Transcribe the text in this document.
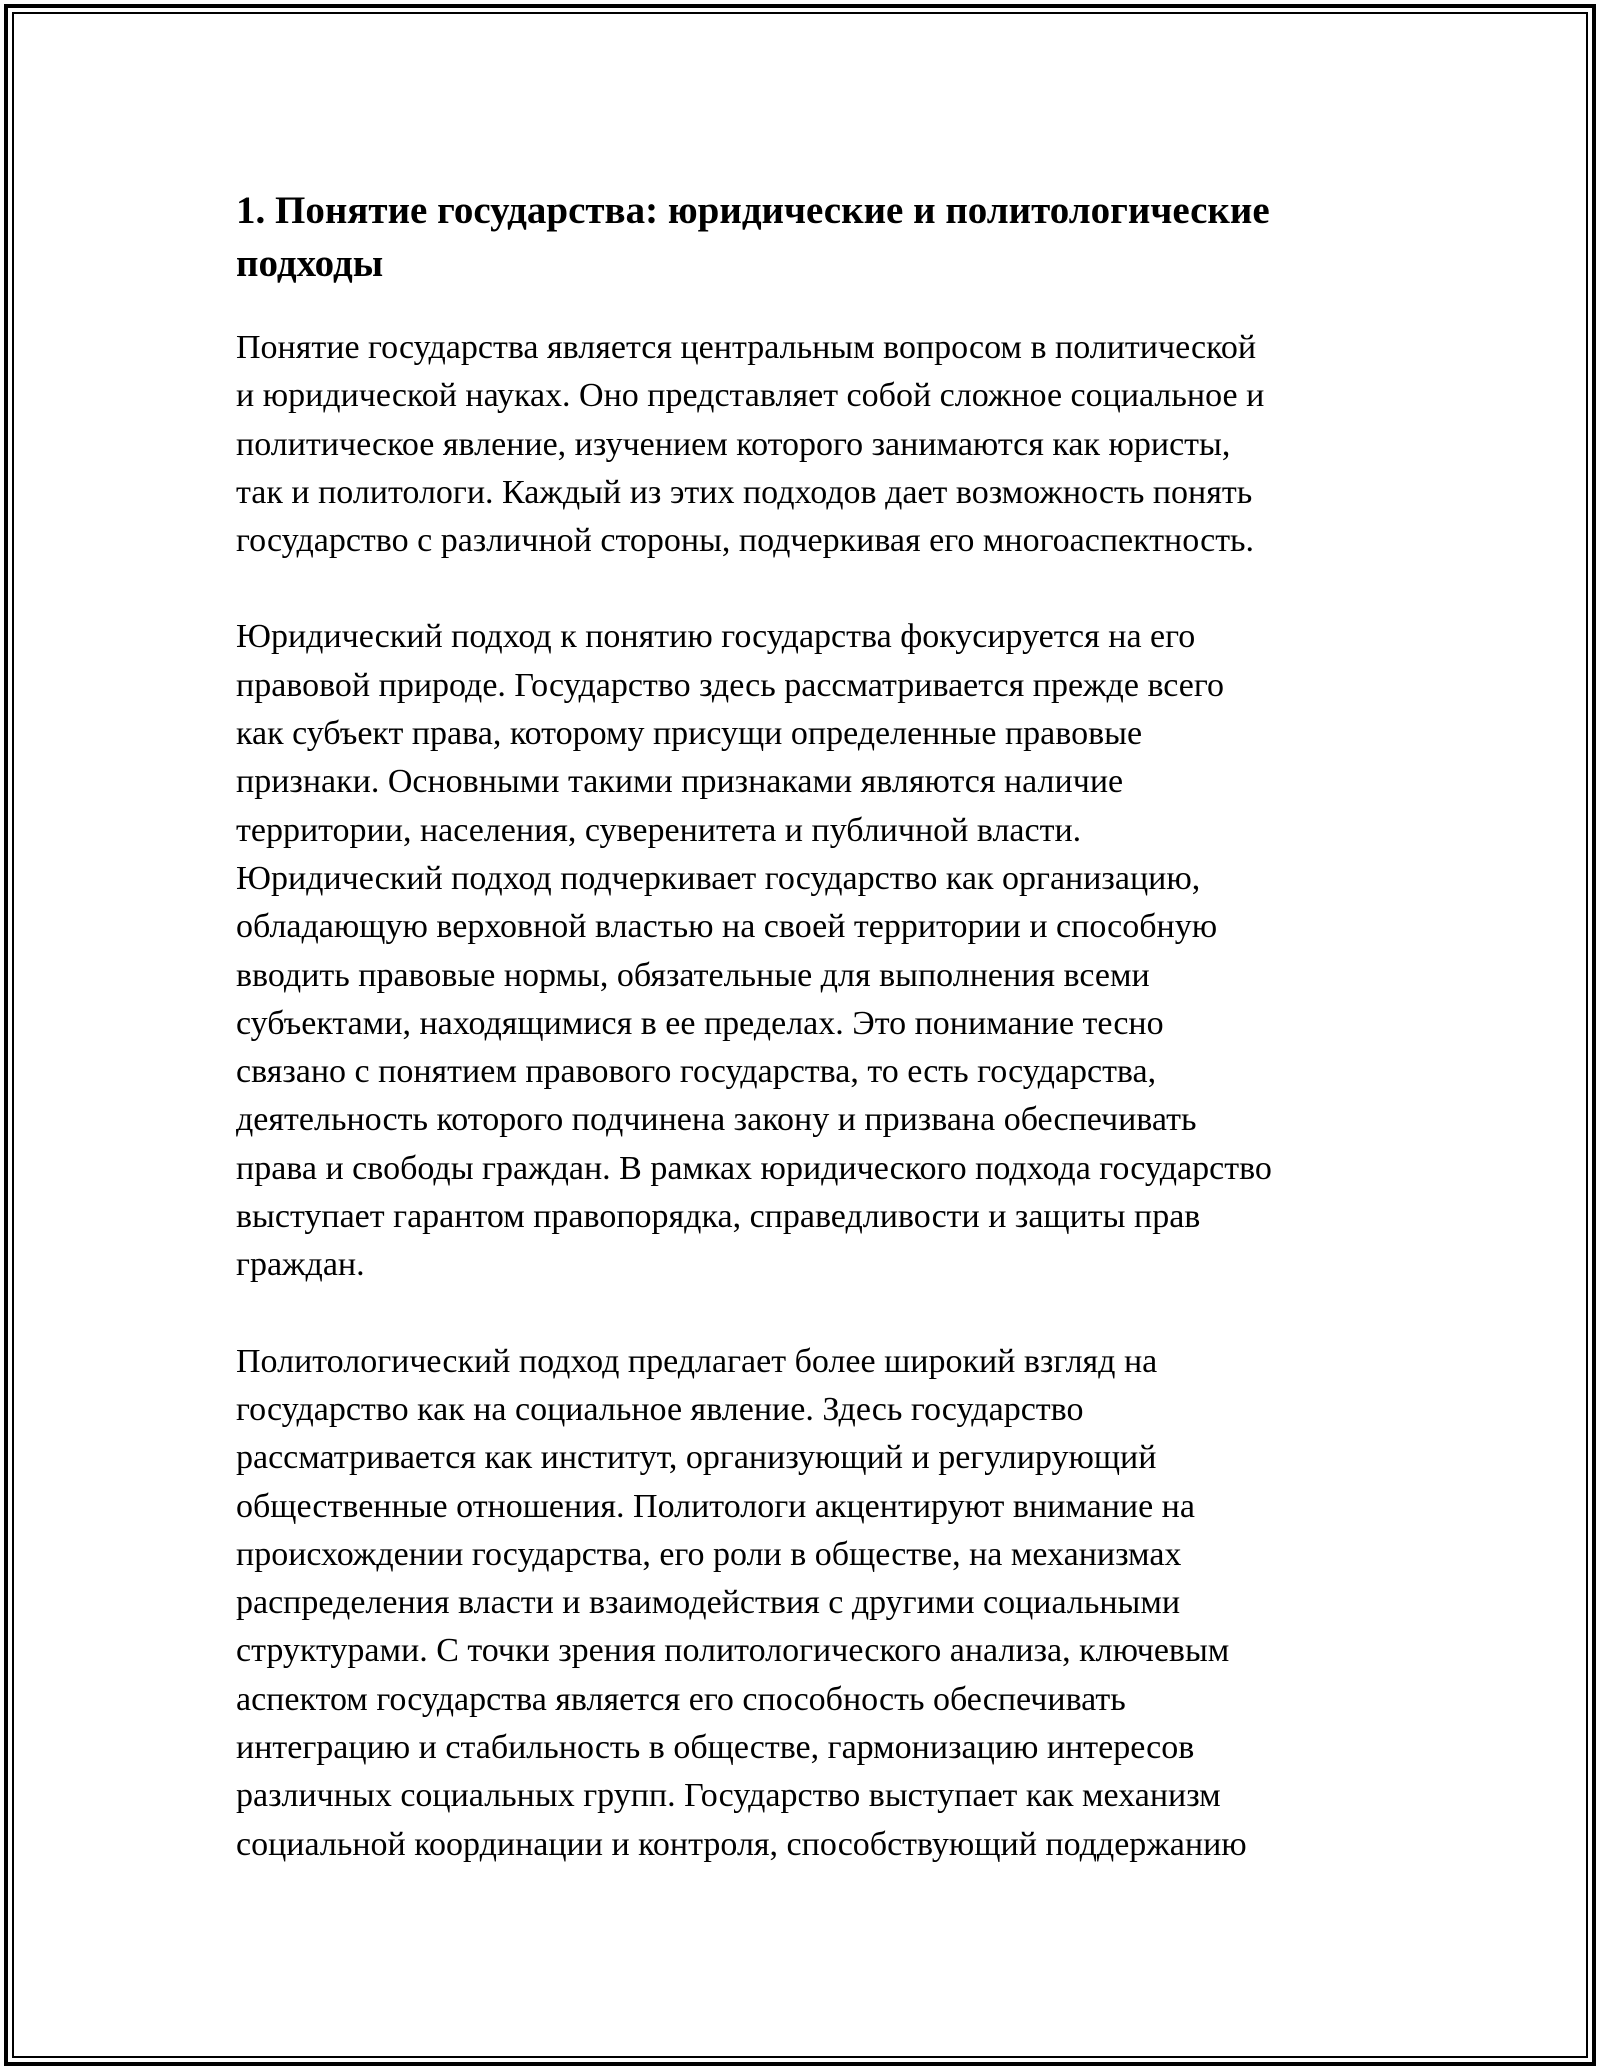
1. Понятие государства: юридические и политологические
подходы

Понятие государства является центральным вопросом в политической
и юридической науках. Оно представляет собой сложное социальное и
политическое явление, изучением которого занимаются как юристы,
так и политологи. Каждый из этих подходов дает возможность понять
государство с различной стороны, подчеркивая его многоаспектность.

Юридический подход к понятию государства фокусируется на его
правовой природе. Государство здесь рассматривается прежде всего
как субъект права, которому присущи определенные правовые
признаки. Основными такими признаками являются наличие
территории, населения, суверенитета и публичной власти.
Юридический подход подчеркивает государство как организацию,
обладающую верховной властью на своей территории и способную
вводить правовые нормы, обязательные для выполнения всеми
субъектами, находящимися в ее пределах. Это понимание тесно
связано с понятием правового государства, то есть государства,
деятельность которого подчинена закону и призвана обеспечивать
права и свободы граждан. В рамках юридического подхода государство
выступает гарантом правопорядка, справедливости и защиты прав
граждан.

Политологический подход предлагает более широкий взгляд на
государство как на социальное явление. Здесь государство
рассматривается как институт, организующий и регулирующий
общественные отношения. Политологи акцентируют внимание на
происхождении государства, его роли в обществе, на механизмах
распределения власти и взаимодействия с другими социальными
структурами. С точки зрения политологического анализа, ключевым
аспектом государства является его способность обеспечивать
интеграцию и стабильность в обществе, гармонизацию интересов
различных социальных групп. Государство выступает как механизм
социальной координации и контроля, способствующий поддержанию
